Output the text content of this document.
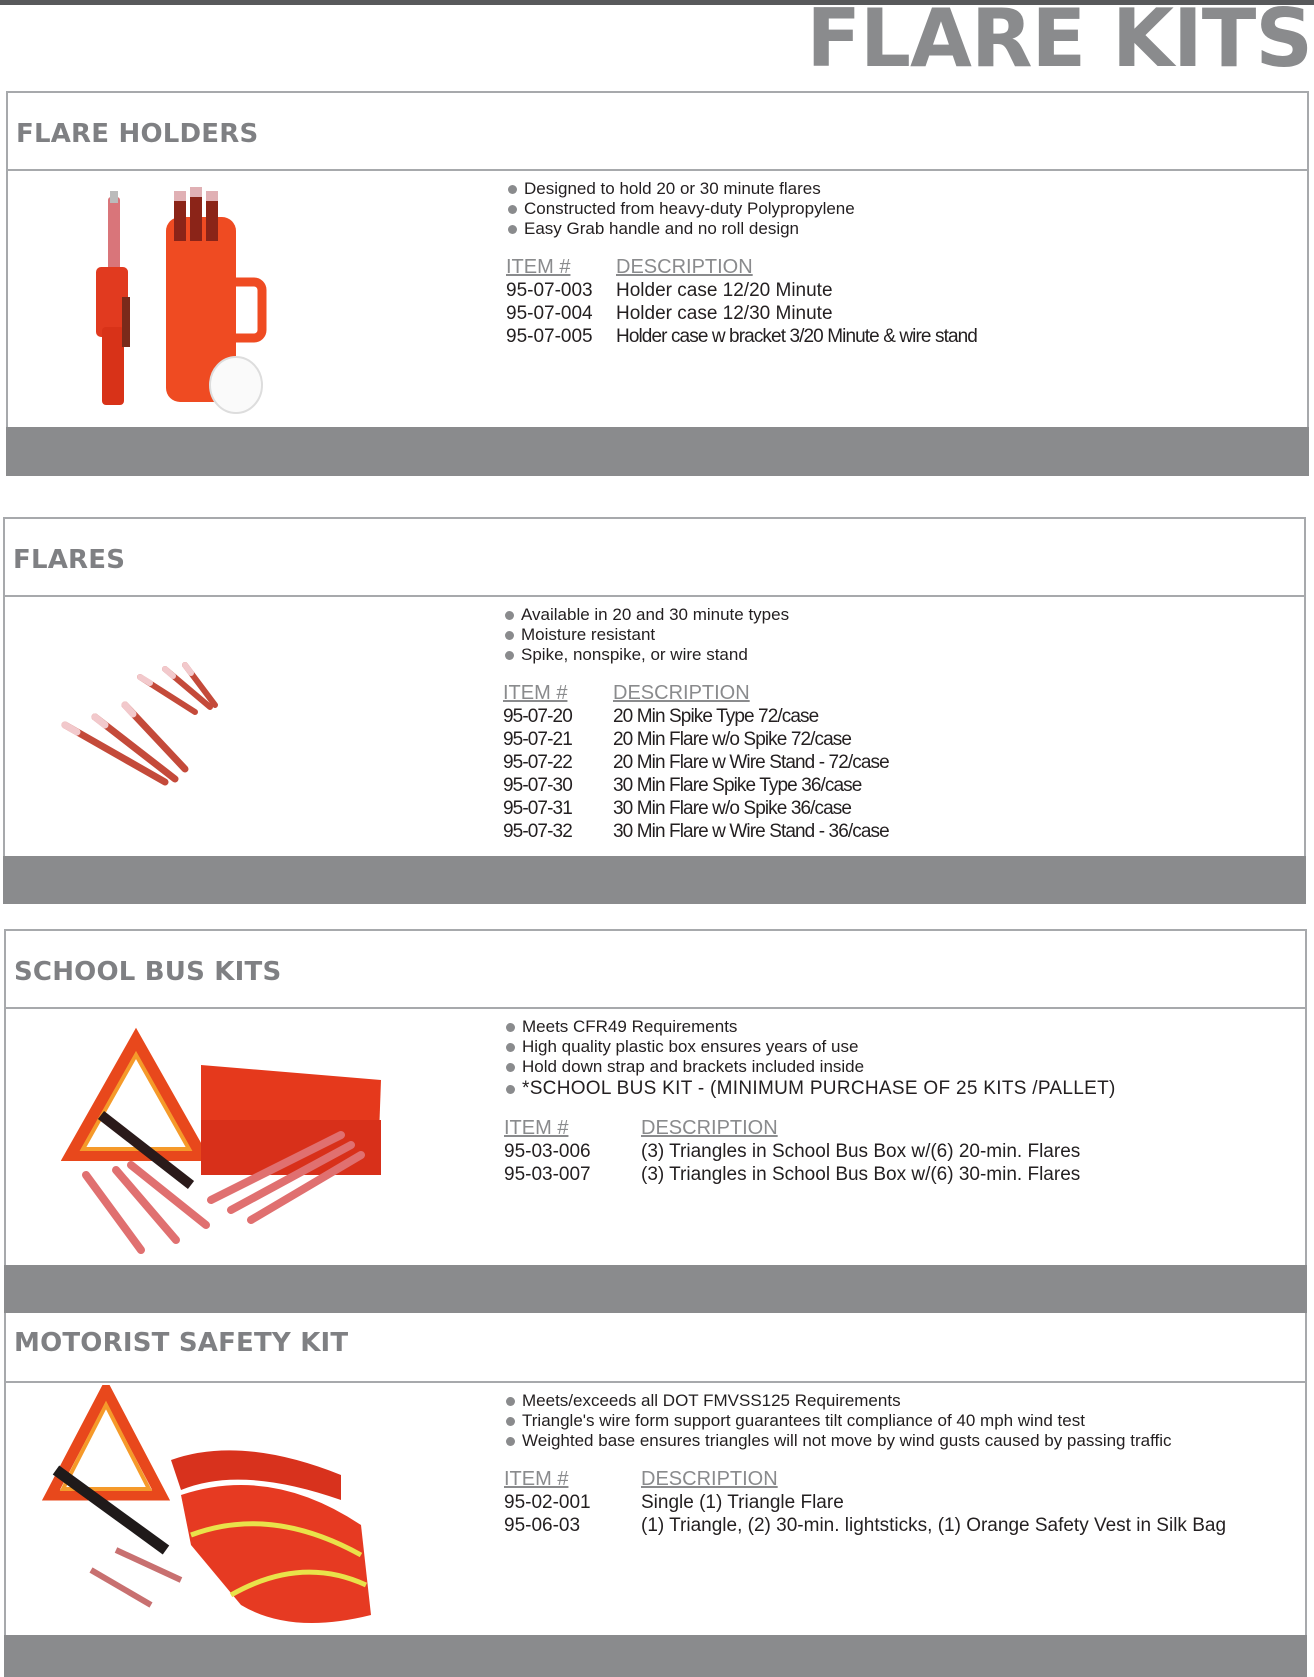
FLARE KITS
FLARE HOLDERS
Designed to hold 20 or 30 minute flares
Constructed from heavy-duty Polypropylene
Easy Grab handle and no roll design
ITEM #	DESCRIPTION
95-07-003	Holder case 12/20 Minute
95-07-004	Holder case 12/30 Minute
95-07-005	Holder case w bracket 3/20 Minute & wire stand
FLARES
Available in 20 and 30 minute types
Moisture resistant
Spike, nonspike, or wire stand
ITEM #	DESCRIPTION
95-07-20	20 Min Spike Type 72/case
95-07-21	20 Min Flare w/o Spike 72/case
95-07-22	20 Min Flare w Wire Stand - 72/case
95-07-30	30 Min Flare Spike Type 36/case
95-07-31	30 Min Flare w/o Spike 36/case
95-07-32	30 Min Flare w Wire Stand - 36/case
SCHOOL BUS KITS
Meets CFR49 Requirements
High quality plastic box ensures years of use
Hold down strap and brackets included inside
*SCHOOL BUS KIT - (MINIMUM PURCHASE OF 25 KITS /PALLET)
ITEM #	DESCRIPTION
95-03-006	(3) Triangles in School Bus Box w/(6) 20-min. Flares
95-03-007	(3) Triangles in School Bus Box w/(6) 30-min. Flares
MOTORIST SAFETY KIT
Meets/exceeds all DOT FMVSS125 Requirements
Triangle's wire form support guarantees tilt compliance of 40 mph wind test
Weighted base ensures triangles will not move by wind gusts caused by passing traffic
ITEM #	DESCRIPTION
95-02-001	Single (1) Triangle Flare
95-06-03	(1) Triangle, (2) 30-min. lightsticks, (1) Orange Safety Vest in Silk Bag
